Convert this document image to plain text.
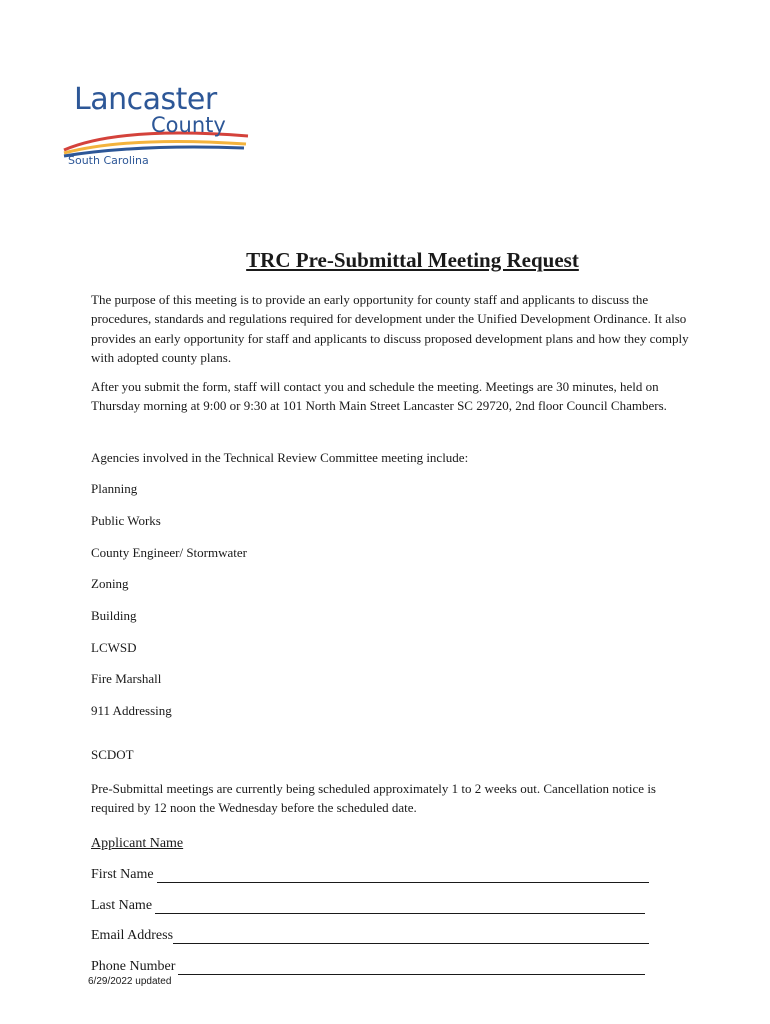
Lancaster
County
South Carolina
TRC Pre-Submittal Meeting Request
The purpose of this meeting is to provide an early opportunity for county staff and applicants to discuss the procedures, standards and regulations required for development under the Unified Development Ordinance. It also provides an early opportunity for staff and applicants to discuss proposed development plans and how they comply with adopted county plans.
After you submit the form, staff will contact you and schedule the meeting. Meetings are 30 minutes, held on Thursday morning at 9:00 or 9:30 at 101 North Main Street Lancaster SC 29720, 2nd floor Council Chambers.
Agencies involved in the Technical Review Committee meeting include:
Planning
Public Works
County Engineer/ Stormwater
Zoning
Building
LCWSD
Fire Marshall
911 Addressing
SCDOT
Pre-Submittal meetings are currently being scheduled approximately 1 to 2 weeks out. Cancellation notice is required by 12 noon the Wednesday before the scheduled date.
Applicant Name
First Name
Last Name
Email Address
Phone Number
6/29/2022 updated
